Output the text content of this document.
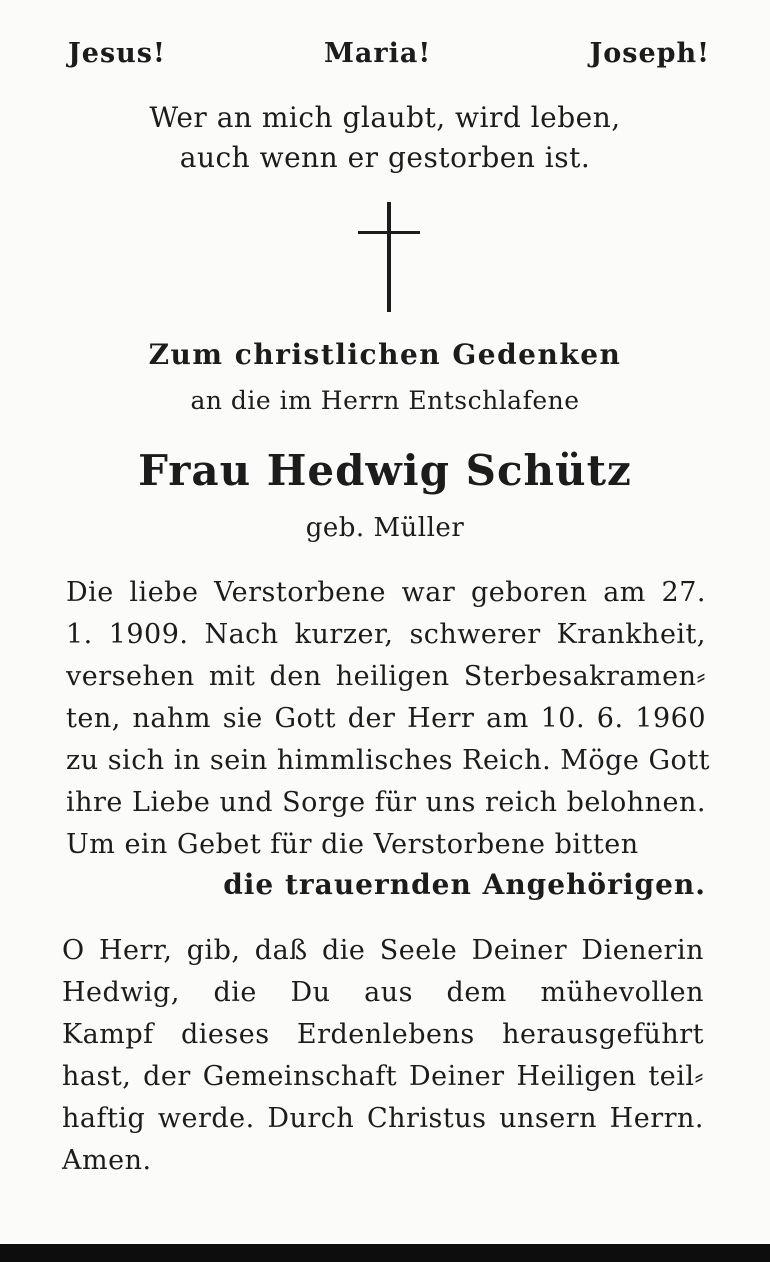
Jesus!	Maria!	Joseph!
Wer an mich glaubt, wird leben,
auch wenn er gestorben ist.
Zum christlichen Gedenken
an die im Herrn Entschlafene
Frau Hedwig Schütz
geb. Müller
Die liebe Verstorbene war geboren am 27.
1. 1909. Nach kurzer, schwerer Krankheit,
versehen mit den heiligen Sterbesakramen⸗
ten, nahm sie Gott der Herr am 10. 6. 1960
zu sich in sein himmlisches Reich. Möge Gott
ihre Liebe und Sorge für uns reich belohnen.
Um ein Gebet für die Verstorbene bitten
die trauernden Angehörigen.
O Herr, gib, daß die Seele Deiner Dienerin
Hedwig, die Du aus dem mühevollen
Kampf dieses Erdenlebens herausgeführt
hast, der Gemeinschaft Deiner Heiligen teil⸗
haftig werde. Durch Christus unsern Herrn.
Amen.
